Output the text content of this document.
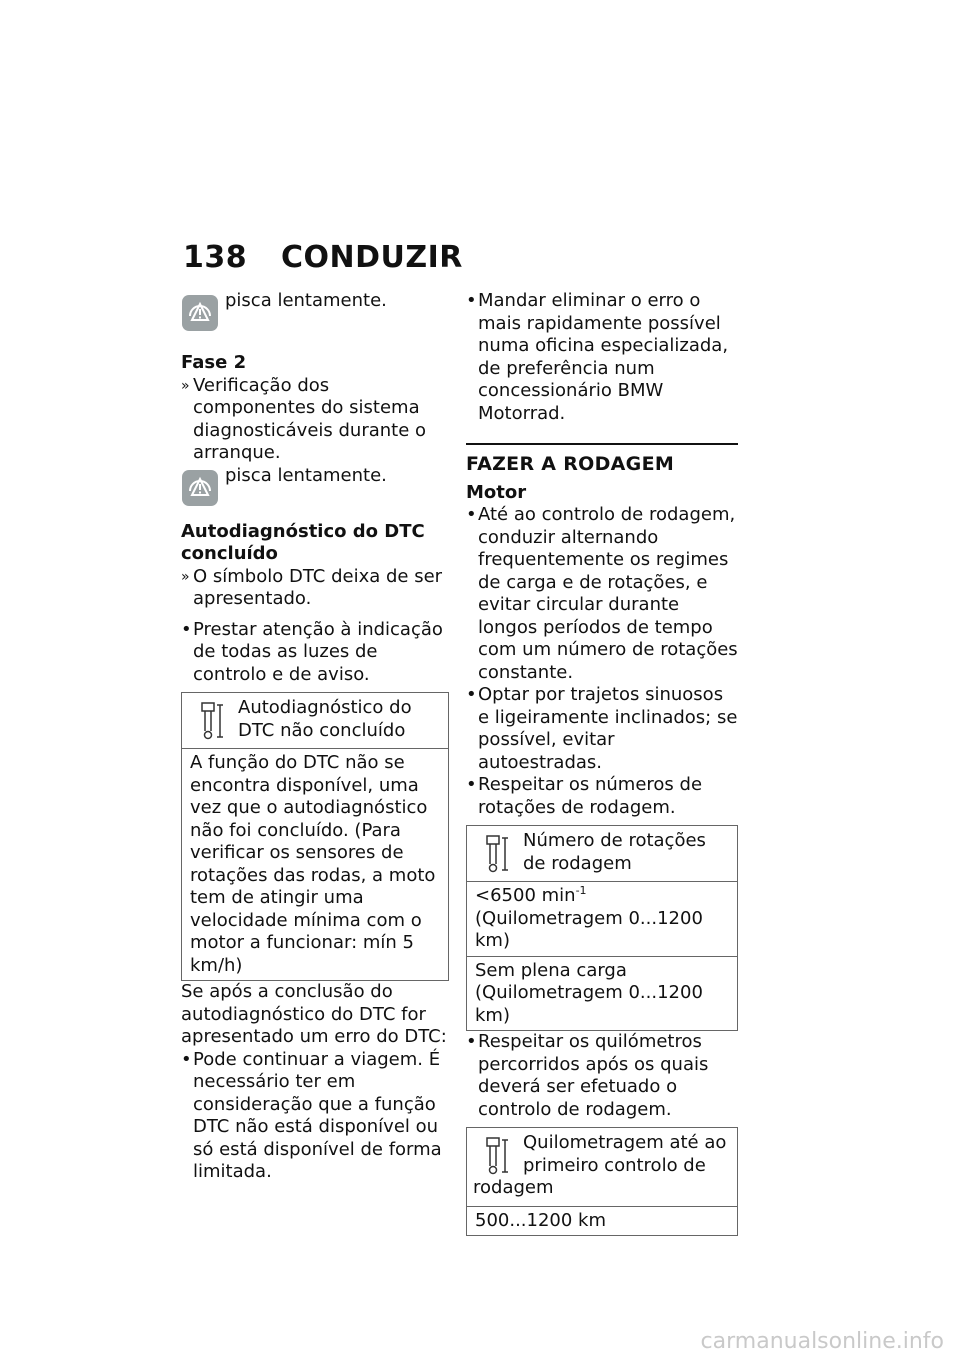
138 CONDUZIR
pisca lentamente.
Fase 2
» Verificação dos componentes do sistema diagnosticáveis durante o arranque.
pisca lentamente.
Autodiagnóstico do DTC concluído
» O símbolo DTC deixa de ser apresentado.
• Prestar atenção à indicação de todas as luzes de controlo e de aviso.
Autodiagnóstico do DTC não concluído
A função do DTC não se encontra disponível, uma vez que o autodiagnóstico não foi concluído. (Para verificar os sensores de rotações das rodas, a moto tem de atingir uma velocidade mínima com o motor a funcionar: mín 5 km/h)
Se após a conclusão do autodiagnóstico do DTC for apresentado um erro do DTC:
• Pode continuar a viagem. É necessário ter em consideração que a função DTC não está disponível ou só está disponível de forma limitada.
• Mandar eliminar o erro o mais rapidamente possível numa oficina especializada, de preferência num concessionário BMW Motorrad.
FAZER A RODAGEM
Motor
• Até ao controlo de rodagem, conduzir alternando frequentemente os regimes de carga e de rotações, e evitar circular durante longos períodos de tempo com um número de rotações constante.
• Optar por trajetos sinuosos e ligeiramente inclinados; se possível, evitar autoestradas.
• Respeitar os números de rotações de rodagem.
Número de rotações de rodagem
<6500 $\min^{-1}$ (Quilometragem 0...1200 km)
Sem plena carga (Quilometragem 0...1200 km)
• Respeitar os quilómetros percorridos após os quais deverá ser efetuado o controlo de rodagem.
Quilometragem até ao primeiro controlo de rodagem
500...1200 km
carmanualsonline.info
